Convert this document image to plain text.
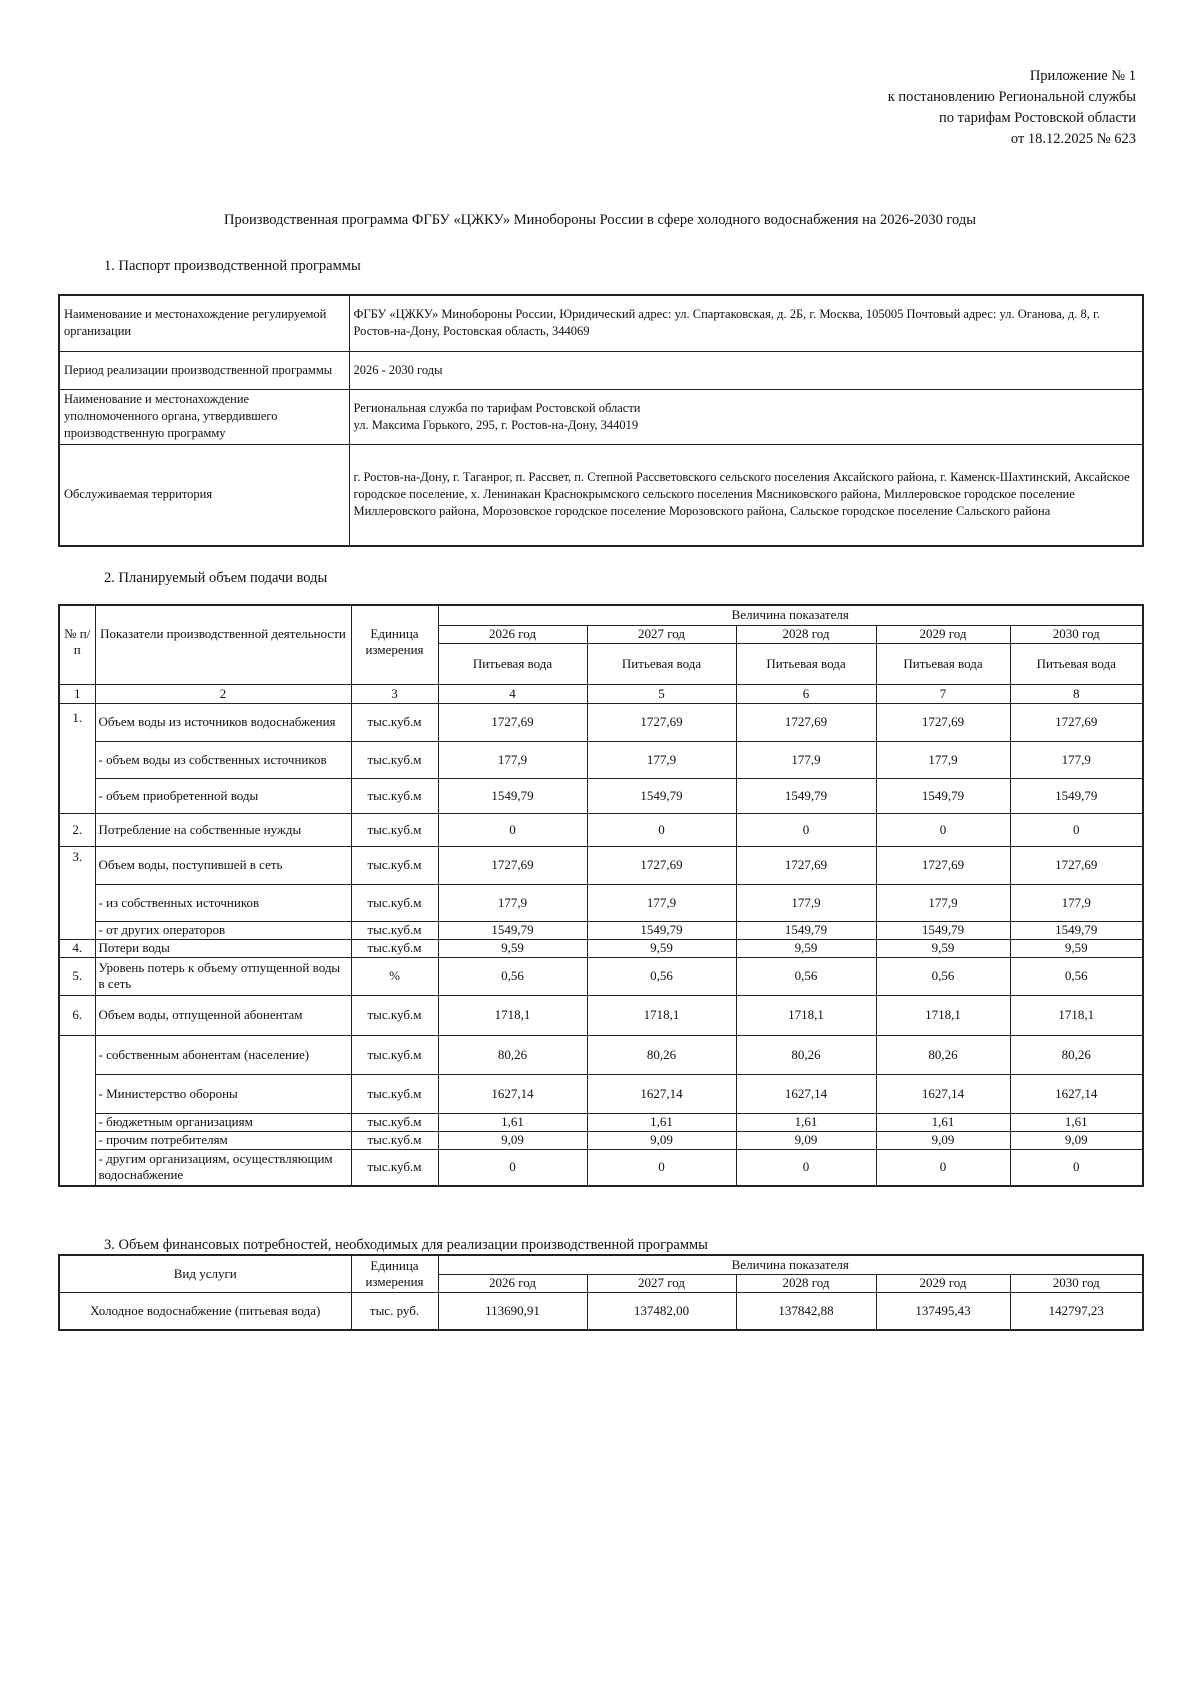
Приложение № 1
к постановлению Региональной службы
по тарифам Ростовской области
от 18.12.2025 № 623
Производственная программа ФГБУ «ЦЖКУ» Минобороны России в сфере холодного водоснабжения на 2026-2030 годы
1. Паспорт производственной программы
Наименование и местонахождение регулируемой организации	ФГБУ «ЦЖКУ» Минобороны России, Юридический адрес: ул. Спартаковская, д. 2Б, г. Москва, 105005 Почтовый адрес: ул. Оганова, д. 8, г. Ростов-на-Дону, Ростовская область, 344069
Период реализации производственной программы	2026 - 2030 годы
Наименование и местонахождение уполномоченного органа, утвердившего производственную программу	Региональная служба по тарифам Ростовской области
ул. Максима Горького, 295, г. Ростов-на-Дону, 344019

Обслуживаемая территория	г. Ростов-на-Дону, г. Таганрог, п. Рассвет, п. Степной Рассветовского сельского поселения Аксайского района, г. Каменск-Шахтинский, Аксайское городское поселение, х. Ленинакан Краснокрымского сельского поселения Мясниковского района, Миллеровское городское поселение Миллеровского района, Морозовское городское поселение Морозовского района, Сальское городское поселение Сальского района
2. Планируемый объем подачи воды
№ п/п	Показатели производственной деятельности	Единица измерения	Величина показателя				
			2026 год	2027 год	2028 год	2029 год	2030 год
			Питьевая вода	Питьевая вода	Питьевая вода	Питьевая вода	Питьевая вода
1	2	3	4	5	6	7	8
1.	Объем воды из источников водоснабжения	тыс.куб.м	1727,69	1727,69	1727,69	1727,69	1727,69
	- объем воды из собственных источников	тыс.куб.м	177,9	177,9	177,9	177,9	177,9
	- объем приобретенной воды	тыс.куб.м	1549,79	1549,79	1549,79	1549,79	1549,79
2.	Потребление на собственные нужды	тыс.куб.м	0	0	0	0	0
3.	Объем воды, поступившей в сеть	тыс.куб.м	1727,69	1727,69	1727,69	1727,69	1727,69
	- из собственных источников	тыс.куб.м	177,9	177,9	177,9	177,9	177,9
	- от других операторов	тыс.куб.м	1549,79	1549,79	1549,79	1549,79	1549,79
4.	Потери воды	тыс.куб.м	9,59	9,59	9,59	9,59	9,59
5.	Уровень потерь к объему отпущенной воды в сеть	%	0,56	0,56	0,56	0,56	0,56
6.	Объем воды, отпущенной абонентам	тыс.куб.м	1718,1	1718,1	1718,1	1718,1	1718,1
	- собственным абонентам (население)	тыс.куб.м	80,26	80,26	80,26	80,26	80,26
	- Министерство обороны	тыс.куб.м	1627,14	1627,14	1627,14	1627,14	1627,14
	- бюджетным организациям	тыс.куб.м	1,61	1,61	1,61	1,61	1,61
	- прочим потребителям	тыс.куб.м	9,09	9,09	9,09	9,09	9,09
	- другим организациям, осуществляющим водоснабжение	тыс.куб.м	0	0	0	0	0
3. Объем финансовых потребностей, необходимых для реализации производственной программы
Вид услуги	Единица измерения	Величина показателя				
		2026 год	2027 год	2028 год	2029 год	2030 год
Холодное водоснабжение (питьевая вода)	тыс. руб.	113690,91	137482,00	137842,88	137495,43	142797,23
